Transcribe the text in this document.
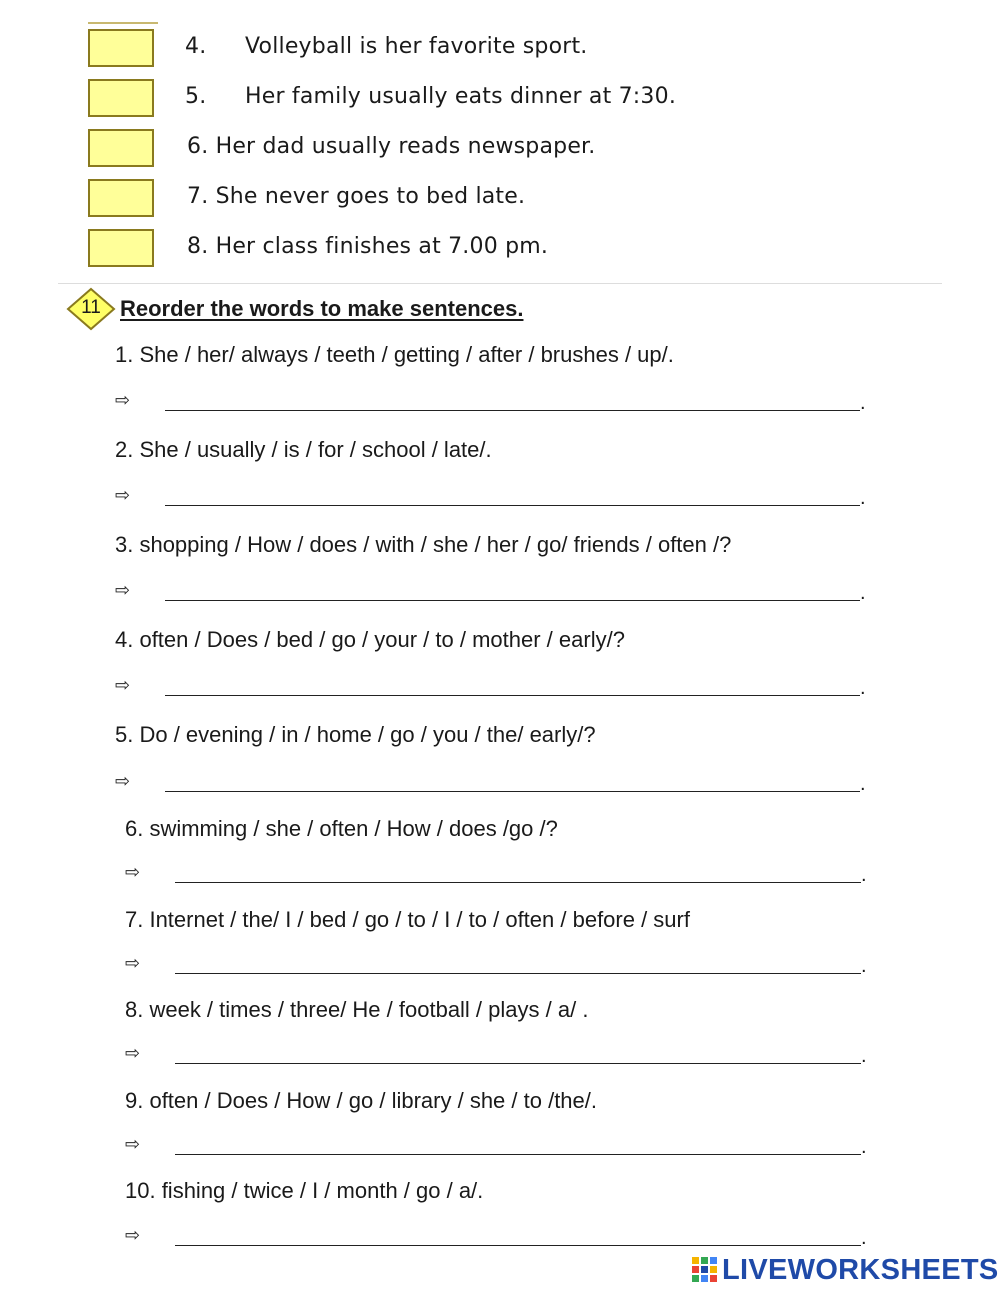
4. Volleyball is her favorite sport.
5. Her family usually eats dinner at 7:30.
6. Her dad usually reads newspaper.
7. She never goes to bed late.
8. Her class finishes at 7.00 pm.
11 Reorder the words to make sentences.
1. She / her/ always / teeth / getting / after / brushes / up/.
⇨	.
2. She / usually / is / for / school / late/.
⇨	.
3. shopping / How / does / with / she / her / go/ friends / often /?
⇨	.
4. often / Does / bed / go / your / to / mother / early/?
⇨	.
5. Do / evening / in / home / go / you / the/ early/?
⇨	.
6. swimming / she / often / How / does /go /?
⇨	.
7. Internet / the/ I / bed / go / to / I / to / often / before / surf
⇨	.
8. week / times / three/ He / football / plays / a/ .
⇨	.
9. often / Does / How / go / library / she / to /the/.
⇨	.
10. fishing / twice / I / month / go / a/.
⇨	.
LIVEWORKSHEETS
